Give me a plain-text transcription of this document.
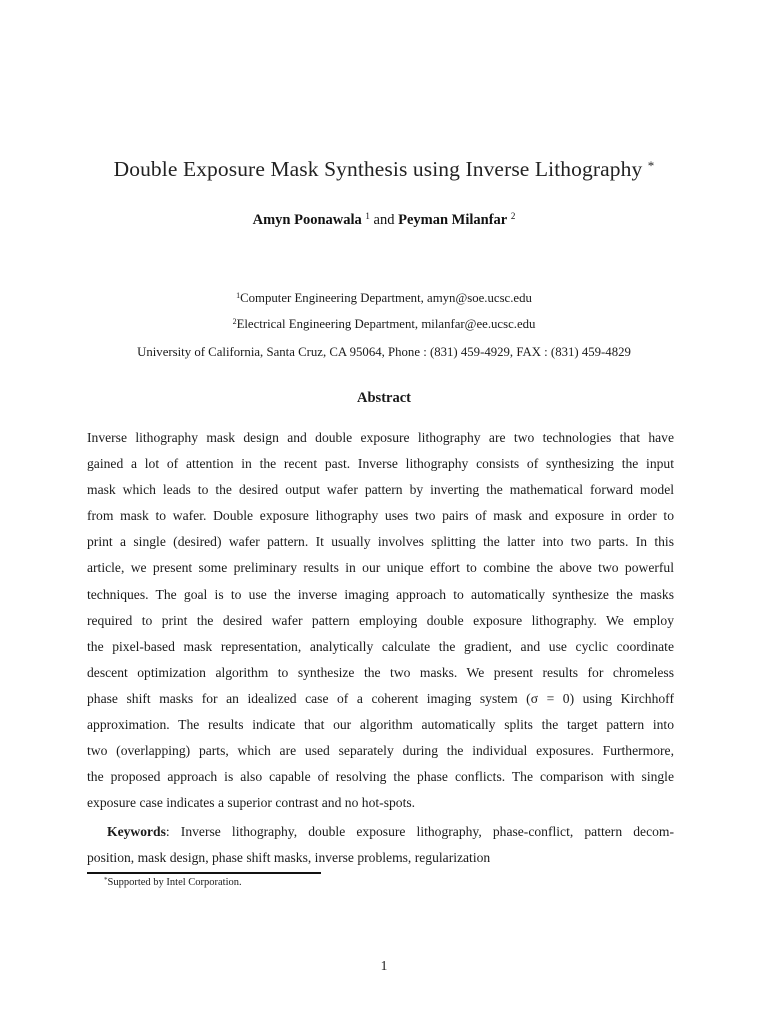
Double Exposure Mask Synthesis using Inverse Lithography *
Amyn Poonawala $^1$ and Peyman Milanfar $^2$
$^1$Computer Engineering Department, amyn@soe.ucsc.edu
$^2$Electrical Engineering Department, milanfar@ee.ucsc.edu
University of California, Santa Cruz, CA 95064, Phone : (831) 459-4929, FAX : (831) 459-4829
Abstract
Inverse lithography mask design and double exposure lithography are two technologies that have
gained a lot of attention in the recent past. Inverse lithography consists of synthesizing the input
mask which leads to the desired output wafer pattern by inverting the mathematical forward model
from mask to wafer. Double exposure lithography uses two pairs of mask and exposure in order to
print a single (desired) wafer pattern. It usually involves splitting the latter into two parts. In this
article, we present some preliminary results in our unique effort to combine the above two powerful
techniques. The goal is to use the inverse imaging approach to automatically synthesize the masks
required to print the desired wafer pattern employing double exposure lithography. We employ
the pixel-based mask representation, analytically calculate the gradient, and use cyclic coordinate
descent optimization algorithm to synthesize the two masks. We present results for chromeless
phase shift masks for an idealized case of a coherent imaging system (σ = 0) using Kirchhoff
approximation. The results indicate that our algorithm automatically splits the target pattern into
two (overlapping) parts, which are used separately during the individual exposures. Furthermore,
the proposed approach is also capable of resolving the phase conflicts. The comparison with single
exposure case indicates a superior contrast and no hot-spots.
Keywords: Inverse lithography, double exposure lithography, phase-conflict, pattern decom-
position, mask design, phase shift masks, inverse problems, regularization
*Supported by Intel Corporation.
1
